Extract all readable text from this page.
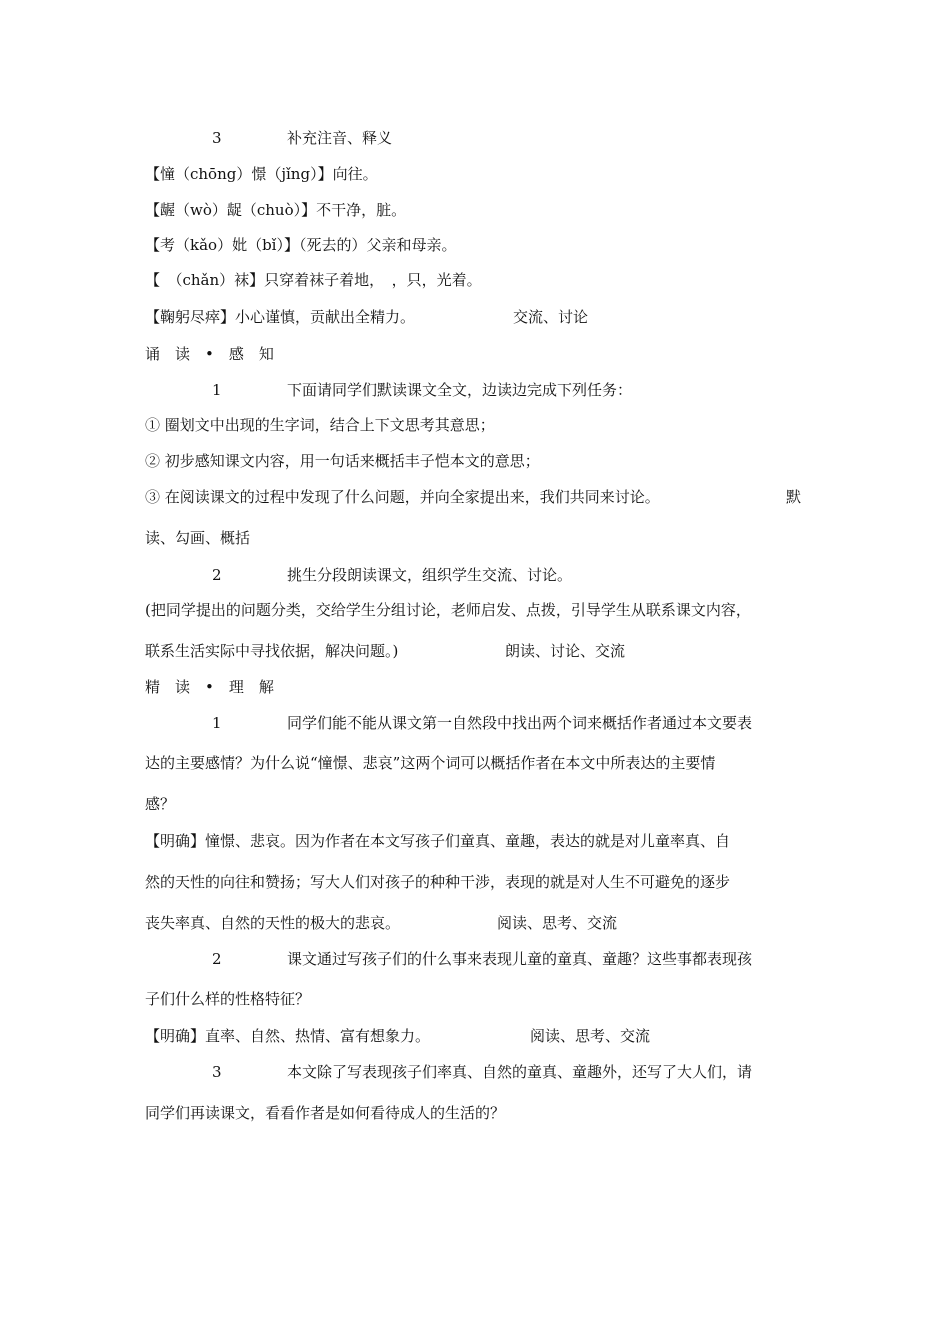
3	补充注音、释义
【憧（chōng）憬（jǐng）】向往。
【龌（wò）龊（chuò）】不干净，脏。
【考（kǎo）妣（bǐ）】（死去的）父亲和母亲。
【　（chǎn）袜】只穿着袜子着地，　，只，光着。
【鞠躬尽瘁】小心谨慎，贡献出全精力。	交流、讨论
诵　读　•　感　知
1	下面请同学们默读课文全文，边读边完成下列任务：
① 圈划文中出现的生字词，结合上下文思考其意思；
② 初步感知课文内容，用一句话来概括丰子恺本文的意思；
③ 在阅读课文的过程中发现了什么问题，并向全家提出来，我们共同来讨论。	默
读、勾画、概括
2	挑生分段朗读课文，组织学生交流、讨论。
(把同学提出的问题分类，交给学生分组讨论，老师启发、点拨，引导学生从联系课文内容，
联系生活实际中寻找依据，解决问题。)	朗读、讨论、交流
精　读　•　理　解
1	同学们能不能从课文第一自然段中找出两个词来概括作者通过本文要表
达的主要感情？为什么说“憧憬、悲哀”这两个词可以概括作者在本文中所表达的主要情
感？
【明确】憧憬、悲哀。因为作者在本文写孩子们童真、童趣，表达的就是对儿童率真、自
然的天性的向往和赞扬；写大人们对孩子的种种干涉，表现的就是对人生不可避免的逐步
丧失率真、自然的天性的极大的悲哀。	阅读、思考、交流
2	课文通过写孩子们的什么事来表现儿童的童真、童趣？这些事都表现孩
子们什么样的性格特征？
【明确】直率、自然、热情、富有想象力。	阅读、思考、交流
3	本文除了写表现孩子们率真、自然的童真、童趣外，还写了大人们，请
同学们再读课文，看看作者是如何看待成人的生活的？
